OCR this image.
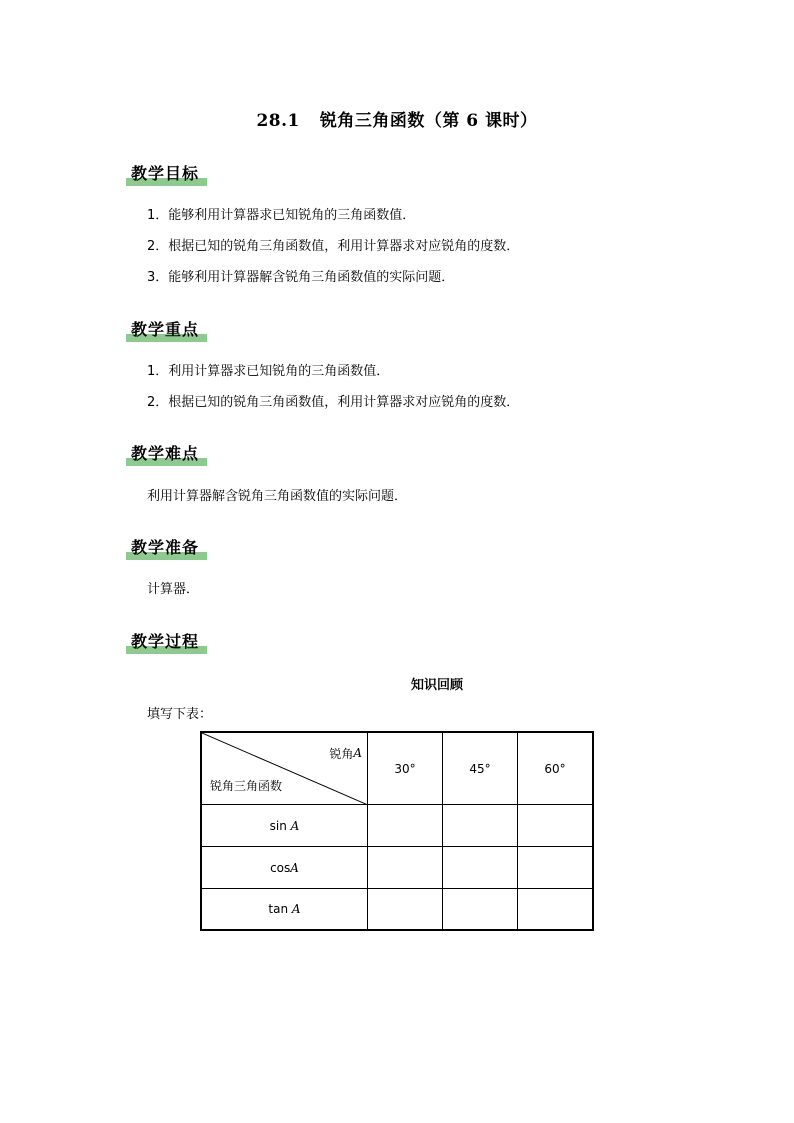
28.1 锐角三角函数（第 6 课时）
教学目标
1．能够利用计算器求已知锐角的三角函数值．
2．根据已知的锐角三角函数值，利用计算器求对应锐角的度数．
3．能够利用计算器解含锐角三角函数值的实际问题．
教学重点
1．利用计算器求已知锐角的三角函数值．
2．根据已知的锐角三角函数值，利用计算器求对应锐角的度数．
教学难点
利用计算器解含锐角三角函数值的实际问题．
教学准备
计算器．
教学过程
知识回顾
填写下表：
锐角 A
锐角三角函数
30°	45°	60°
sin
A
cos A
tan
A
